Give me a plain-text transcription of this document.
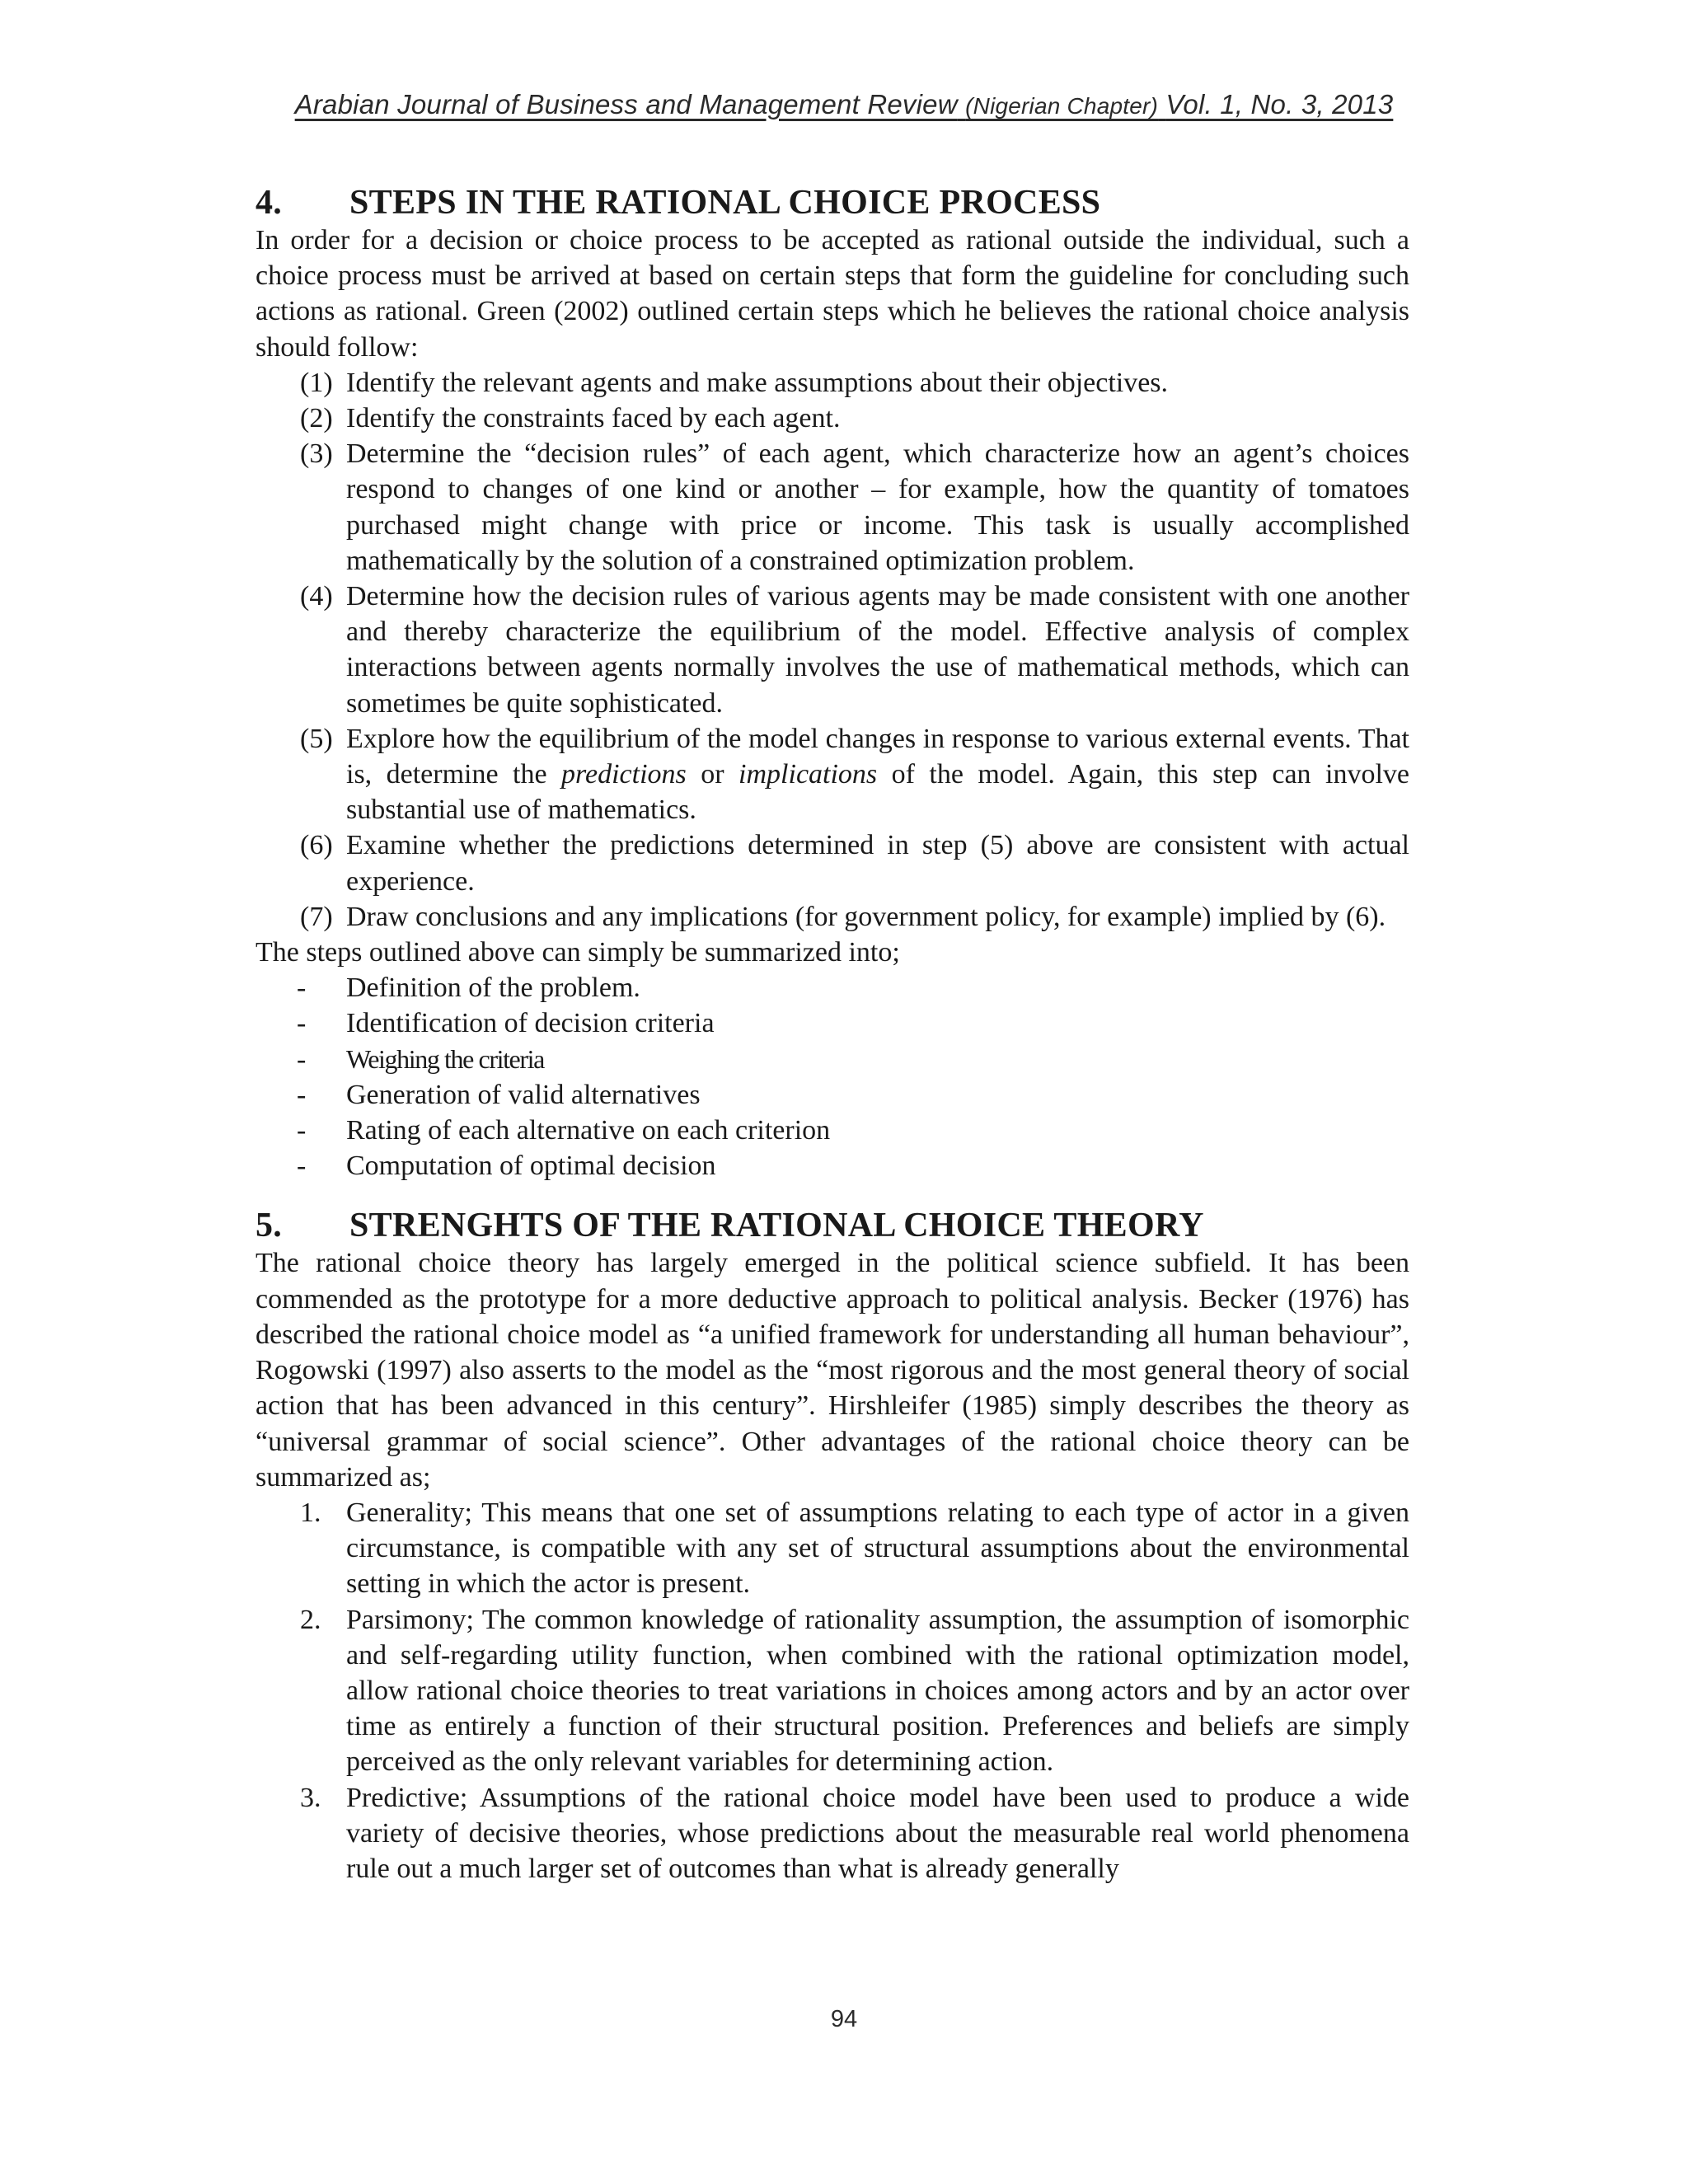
Arabian Journal of Business and Management Review (Nigerian Chapter) Vol. 1, No. 3, 2013
4.	STEPS IN THE RATIONAL CHOICE PROCESS

In order for a decision or choice process to be accepted as rational outside the individual, such a choice process must be arrived at based on certain steps that form the guideline for concluding such actions as rational. Green (2002) outlined certain steps which he believes the rational choice analysis should follow:

(1) Identify the relevant agents and make assumptions about their objectives.
(2) Identify the constraints faced by each agent.
(3) Determine the “decision rules” of each agent, which characterize how an agent’s choices respond to changes of one kind or another – for example, how the quantity of tomatoes purchased might change with price or income. This task is usually accomplished mathematically by the solution of a constrained optimization problem.
(4) Determine how the decision rules of various agents may be made consistent with one another and thereby characterize the equilibrium of the model. Effective analysis of complex interactions between agents normally involves the use of mathematical methods, which can sometimes be quite sophisticated.
(5) Explore how the equilibrium of the model changes in response to various external events. That is, determine the predictions or implications of the model. Again, this step can involve substantial use of mathematics.
(6) Examine whether the predictions determined in step (5) above are consistent with actual experience.
(7) Draw conclusions and any implications (for government policy, for example) implied by (6).

The steps outlined above can simply be summarized into;

-	Definition of the problem.
-	Identification of decision criteria
-	Weighing the criteria
-	Generation of valid alternatives
-	Rating of each alternative on each criterion
-	Computation of optimal decision
5.	STRENGHTS OF THE RATIONAL CHOICE THEORY

The rational choice theory has largely emerged in the political science subfield. It has been commended as the prototype for a more deductive approach to political analysis. Becker (1976) has described the rational choice model as “a unified framework for understanding all human behaviour”, Rogowski (1997) also asserts to the model as the “most rigorous and the most general theory of social action that has been advanced in this century”. Hirshleifer (1985) simply describes the theory as “universal grammar of social science”. Other advantages of the rational choice theory can be summarized as;

1. Generality; This means that one set of assumptions relating to each type of actor in a given circumstance, is compatible with any set of structural assumptions about the environmental setting in which the actor is present.
2. Parsimony; The common knowledge of rationality assumption, the assumption of isomorphic and self-regarding utility function, when combined with the rational optimization model, allow rational choice theories to treat variations in choices among actors and by an actor over time as entirely a function of their structural position. Preferences and beliefs are simply perceived as the only relevant variables for determining action.
3. Predictive; Assumptions of the rational choice model have been used to produce a wide variety of decisive theories, whose predictions about the measurable real world phenomena rule out a much larger set of outcomes than what is already generally
94
